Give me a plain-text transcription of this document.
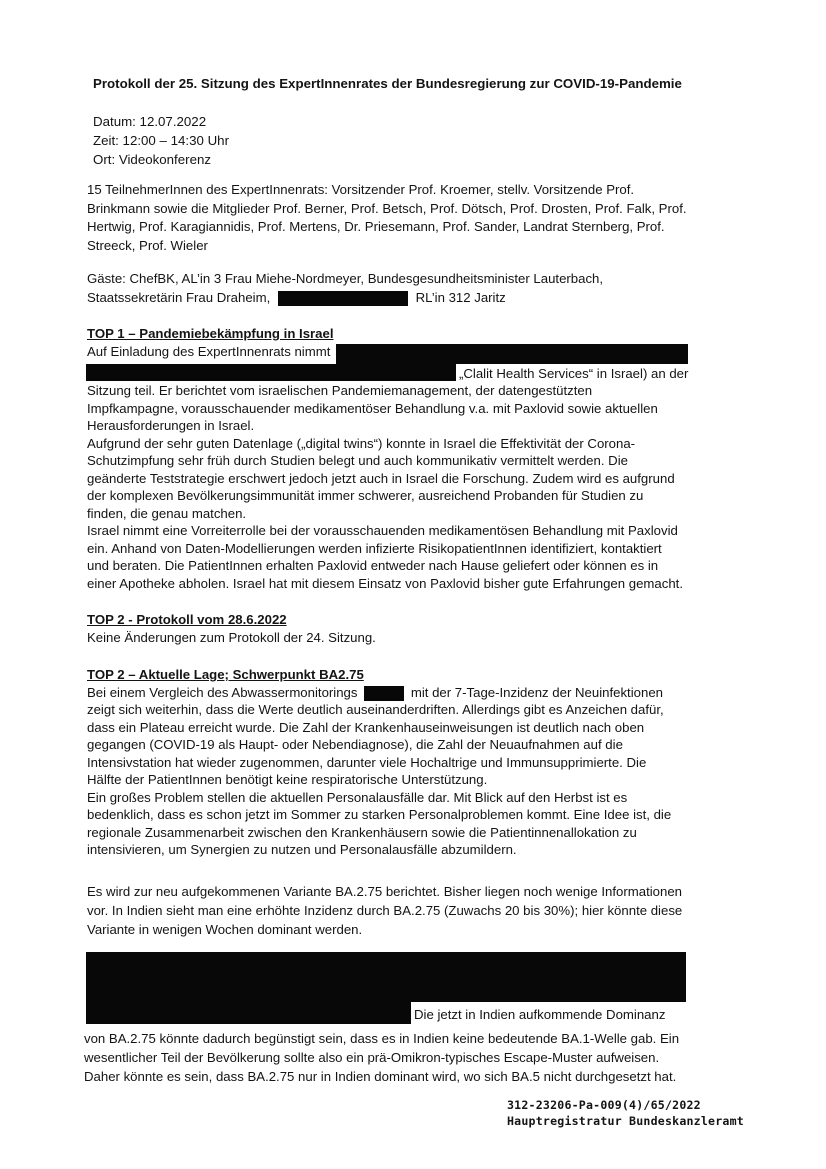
Protokoll der 25. Sitzung des ExpertInnenrates der Bundesregierung zur COVID-19-Pandemie
Datum: 12.07.2022
Zeit: 12:00 – 14:30 Uhr
Ort: Videokonferenz
15 TeilnehmerInnen des ExpertInnenrats: Vorsitzender Prof. Kroemer, stellv. Vorsitzende Prof.
Brinkmann sowie die Mitglieder Prof. Berner, Prof. Betsch, Prof. Dötsch, Prof. Drosten, Prof. Falk, Prof.
Hertwig, Prof. Karagiannidis, Prof. Mertens, Dr. Priesemann, Prof. Sander, Landrat Sternberg, Prof.
Streeck, Prof. Wieler
Gäste: ChefBK, AL’in 3 Frau Miehe-Nordmeyer, Bundesgesundheitsminister Lauterbach,
Staatssekretärin Frau Draheim,	RL’in 312 Jaritz
TOP 1 – Pandemiebekämpfung in Israel
Auf Einladung des ExpertInnenrats nimmt
„Clalit Health Services“ in Israel) an der
Sitzung teil. Er berichtet vom israelischen Pandemiemanagement, der datengestützten
Impfkampagne, vorausschauender medikamentöser Behandlung v.a. mit Paxlovid sowie aktuellen
Herausforderungen in Israel.
Aufgrund der sehr guten Datenlage („digital twins“) konnte in Israel die Effektivität der Corona-
Schutzimpfung sehr früh durch Studien belegt und auch kommunikativ vermittelt werden. Die
geänderte Teststrategie erschwert jedoch jetzt auch in Israel die Forschung. Zudem wird es aufgrund
der komplexen Bevölkerungsimmunität immer schwerer, ausreichend Probanden für Studien zu
finden, die genau matchen.
Israel nimmt eine Vorreiterrolle bei der vorausschauenden medikamentösen Behandlung mit Paxlovid
ein. Anhand von Daten-Modellierungen werden infizierte RisikopatientInnen identifiziert, kontaktiert
und beraten. Die PatientInnen erhalten Paxlovid entweder nach Hause geliefert oder können es in
einer Apotheke abholen. Israel hat mit diesem Einsatz von Paxlovid bisher gute Erfahrungen gemacht.
TOP 2 - Protokoll vom 28.6.2022
Keine Änderungen zum Protokoll der 24. Sitzung.
TOP 2 – Aktuelle Lage; Schwerpunkt BA2.75
Bei einem Vergleich des Abwassermonitorings	mit der 7-Tage-Inzidenz der Neuinfektionen
zeigt sich weiterhin, dass die Werte deutlich auseinanderdriften. Allerdings gibt es Anzeichen dafür,
dass ein Plateau erreicht wurde. Die Zahl der Krankenhauseinweisungen ist deutlich nach oben
gegangen (COVID-19 als Haupt- oder Nebendiagnose), die Zahl der Neuaufnahmen auf die
Intensivstation hat wieder zugenommen, darunter viele Hochaltrige und Immunsupprimierte. Die
Hälfte der PatientInnen benötigt keine respiratorische Unterstützung.
Ein großes Problem stellen die aktuellen Personalausfälle dar. Mit Blick auf den Herbst ist es
bedenklich, dass es schon jetzt im Sommer zu starken Personalproblemen kommt. Eine Idee ist, die
regionale Zusammenarbeit zwischen den Krankenhäusern sowie die Patientinnenallokation zu
intensivieren, um Synergien zu nutzen und Personalausfälle abzumildern.
Es wird zur neu aufgekommenen Variante BA.2.75 berichtet. Bisher liegen noch wenige Informationen
vor. In Indien sieht man eine erhöhte Inzidenz durch BA.2.75 (Zuwachs 20 bis 30%); hier könnte diese
Variante in wenigen Wochen dominant werden.
Die jetzt in Indien aufkommende Dominanz
von BA.2.75 könnte dadurch begünstigt sein, dass es in Indien keine bedeutende BA.1-Welle gab. Ein
wesentlicher Teil der Bevölkerung sollte also ein prä-Omikron-typisches Escape-Muster aufweisen.
Daher könnte es sein, dass BA.2.75 nur in Indien dominant wird, wo sich BA.5 nicht durchgesetzt hat.
312-23206-Pa-009(4)/65/2022
Hauptregistratur Bundeskanzleramt
